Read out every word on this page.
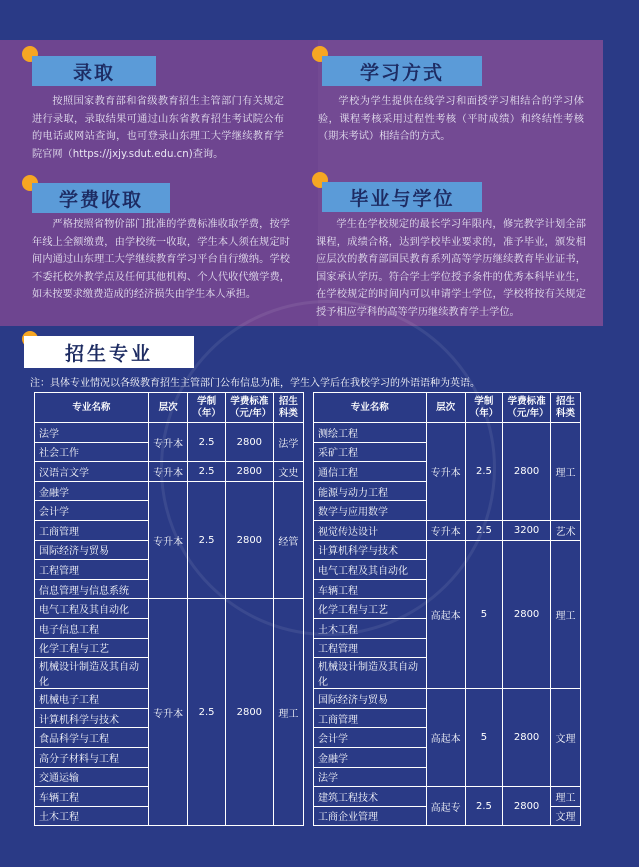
录取
按照国家教育部和省级教育招生主管部门有关规定进行录取，录取结果可通过山东省教育招生考试院公布的电话或网站查询，也可登录山东理工大学继续教育学院官网（https://jxjy.sdut.edu.cn)查询。
学习方式
学校为学生提供在线学习和面授学习相结合的学习体验，课程考核采用过程性考核（平时成绩）和终结性考核（期末考试）相结合的方式。
学费收取
严格按照省物价部门批准的学费标准收取学费，按学年线上全额缴费，由学校统一收取，学生本人须在规定时间内通过山东理工大学继续教育学习平台自行缴纳。学校不委托校外教学点及任何其他机构、个人代收代缴学费，如未按要求缴费造成的经济损失由学生本人承担。
毕业与学位
学生在学校规定的最长学习年限内，修完教学计划全部课程，成绩合格，达到学校毕业要求的，准予毕业，颁发相应层次的教育部国民教育系列高等学历继续教育毕业证书，国家承认学历。符合学士学位授予条件的优秀本科毕业生，在学校规定的时间内可以申请学士学位，学校将按有关规定授予相应学科的高等学历继续教育学士学位。
招生专业
注：具体专业情况以各级教育招生主管部门公布信息为准，学生入学后在我校学习的外语语种为英语。
专业名称	层次	学制（年）	学费标准（元/年）	招生科类
法学	专升本	2.5	2800	法学
社会工作				
汉语言文学	专升本	2.5	2800	文史
金融学	专升本	2.5	2800	经管
会计学				
工商管理				
国际经济与贸易				
工程管理				
信息管理与信息系统				
电气工程及其自动化	专升本	2.5	2800	理工
电子信息工程				
化学工程与工艺				
机械设计制造及其自动化				
机械电子工程				
计算机科学与技术				
食品科学与工程				
高分子材料与工程				
交通运输				
车辆工程				
土木工程				
专业名称	层次	学制（年）	学费标准（元/年）	招生科类
测绘工程	专升本	2.5	2800	理工
采矿工程				
通信工程				
能源与动力工程				
数学与应用数学				
视觉传达设计	专升本	2.5	3200	艺术
计算机科学与技术	高起本	5	2800	理工
电气工程及其自动化				
车辆工程				
化学工程与工艺				
土木工程				
工程管理				
机械设计制造及其自动化				
国际经济与贸易	高起本	5	2800	文理
工商管理				
会计学				
金融学				
法学				
建筑工程技术	高起专	2.5	2800	理工
工商企业管理				文理
